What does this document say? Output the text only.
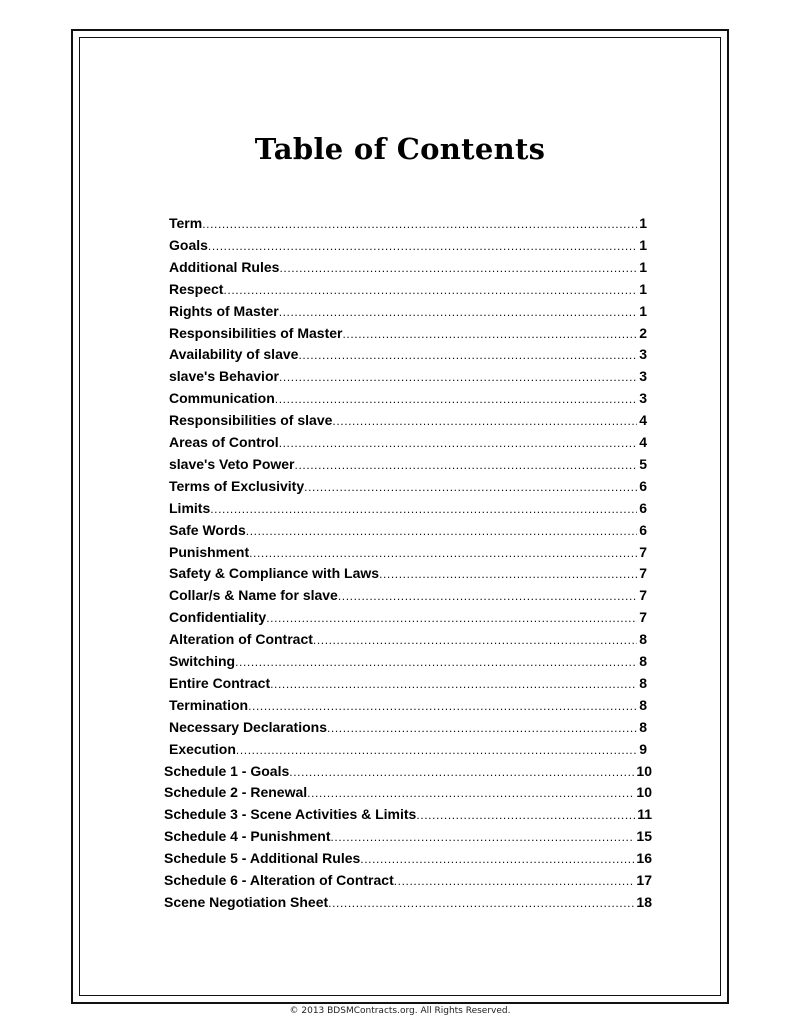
Table of Contents
Term .....	1
Goals .....	1
Additional Rules .....	1
Respect .....	1
Rights of Master .....	1
Responsibilities of Master .....	2
Availability of slave .....	3
slave's Behavior .....	3
Communication .....	3
Responsibilities of slave .....	4
Areas of Control .....	4
slave's Veto Power .....	5
Terms of Exclusivity .....	6
Limits .....	6
Safe Words .....	6
Punishment .....	7
Safety & Compliance with Laws .....	7
Collar/s & Name for slave .....	7
Confidentiality .....	7
Alteration of Contract .....	8
Switching .....	8
Entire Contract .....	8
Termination .....	8
Necessary Declarations .....	8
Execution .....	9
Schedule 1 - Goals .....	10
Schedule 2 - Renewal .....	10
Schedule 3 - Scene Activities & Limits .....	11
Schedule 4 - Punishment .....	15
Schedule 5 - Additional Rules .....	16
Schedule 6 - Alteration of Contract .....	17
Scene Negotiation Sheet .....	18
© 2013 BDSMContracts.org. All Rights Reserved.
